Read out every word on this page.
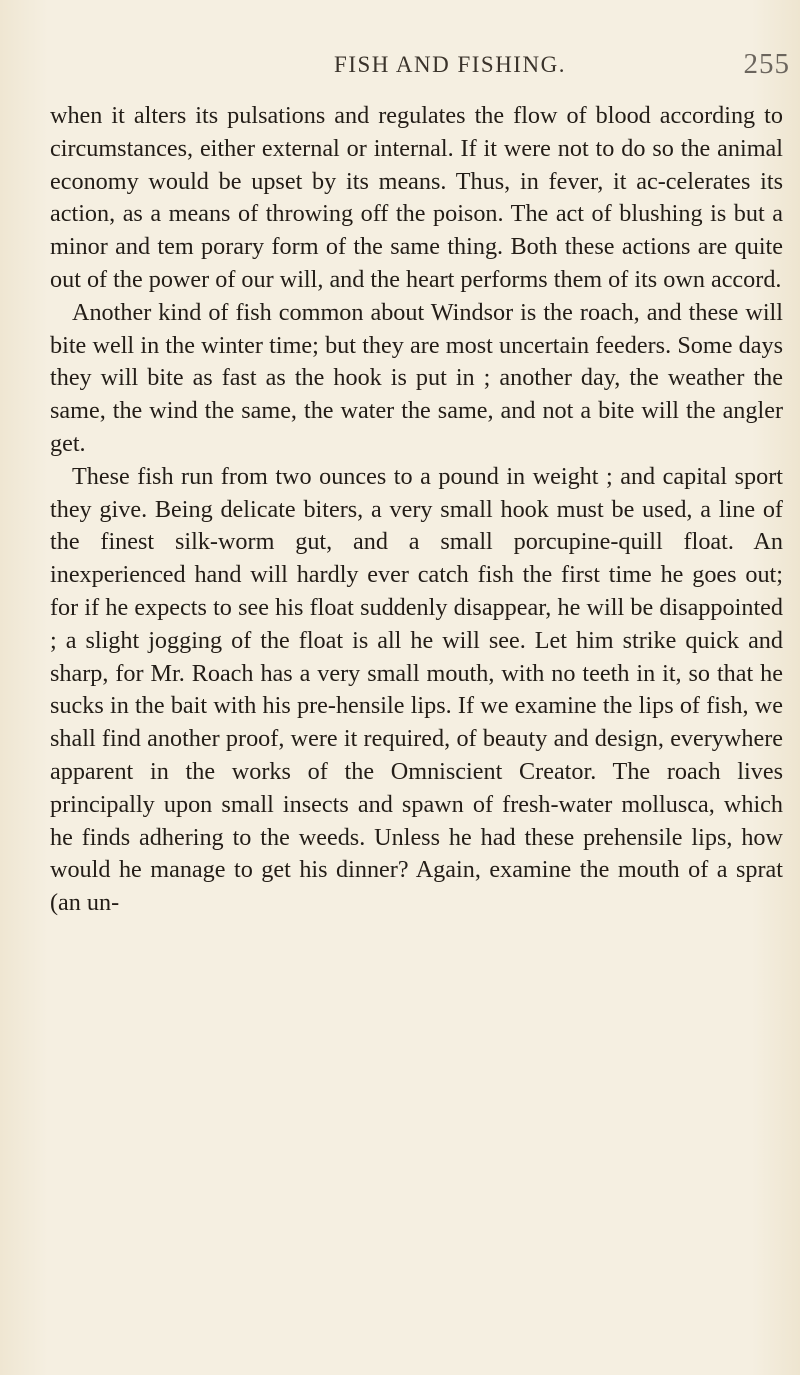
FISH AND FISHING.	255

when it alters its pulsations and regulates the flow of blood according to circumstances, either external or internal. If it were not to do so the animal economy would be upset by its means. Thus, in fever, it ac-celerates its action, as a means of throwing off the poison. The act of blushing is but a minor and tem porary form of the same thing. Both these actions are quite out of the power of our will, and the heart performs them of its own accord.

Another kind of fish common about Windsor is the roach, and these will bite well in the winter time; but they are most uncertain feeders. Some days they will bite as fast as the hook is put in ; another day, the weather the same, the wind the same, the water the same, and not a bite will the angler get.

These fish run from two ounces to a pound in weight ; and capital sport they give. Being delicate biters, a very small hook must be used, a line of the finest silk-worm gut, and a small porcupine-quill float. An inexperienced hand will hardly ever catch fish the first time he goes out; for if he expects to see his float suddenly disappear, he will be disappointed ; a slight jogging of the float is all he will see. Let him strike quick and sharp, for Mr. Roach has a very small mouth, with no teeth in it, so that he sucks in the bait with his pre-hensile lips. If we examine the lips of fish, we shall find another proof, were it required, of beauty and design, everywhere apparent in the works of the Omniscient Creator. The roach lives principally upon small insects and spawn of fresh-water mollusca, which he finds adhering to the weeds. Unless he had these prehensile lips, how would he manage to get his dinner? Again, examine the mouth of a sprat (an un-
